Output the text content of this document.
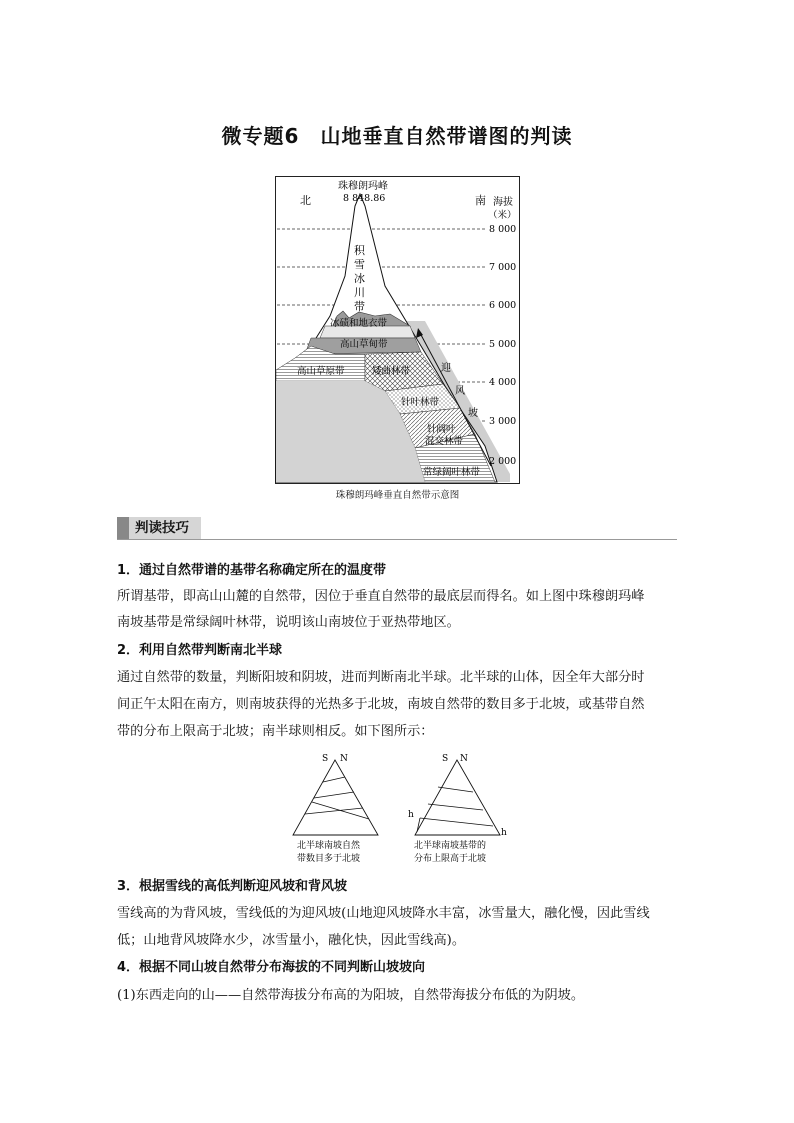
微专题6　山地垂直自然带谱图的判读
北	南
珠穆朗玛峰
8 848.86	海拔
（米）
8 000
7 000
6 000
5 000
4 000
3 000
2 000
积
雪
冰
川
带
冰碛和地衣带
高山草甸带
高山草原带	矮曲林带
针叶林带
针阔叶
混交林带
常绿阔叶林带
迎
风
坡
珠穆朗玛峰垂直自然带示意图
判读技巧
1．通过自然带谱的基带名称确定所在的温度带
所谓基带，即高山山麓的自然带，因位于垂直自然带的最底层而得名。如上图中珠穆朗玛峰
南坡基带是常绿阔叶林带，说明该山南坡位于亚热带地区。
2．利用自然带判断南北半球
通过自然带的数量，判断阳坡和阴坡，进而判断南北半球。北半球的山体，因全年大部分时
间正午太阳在南方，则南坡获得的光热多于北坡，南坡自然带的数目多于北坡，或基带自然
带的分布上限高于北坡；南半球则相反。如下图所示：
S N
北半球南坡自然
带数目多于北坡
S N
h
h
北半球南坡基带的
分布上限高于北坡
3．根据雪线的高低判断迎风坡和背风坡
雪线高的为背风坡，雪线低的为迎风坡(山地迎风坡降水丰富，冰雪量大，融化慢，因此雪线
低；山地背风坡降水少，冰雪量小，融化快，因此雪线高)。
4．根据不同山坡自然带分布海拔的不同判断山坡坡向
(1)东西走向的山——自然带海拔分布高的为阳坡，自然带海拔分布低的为阴坡。
